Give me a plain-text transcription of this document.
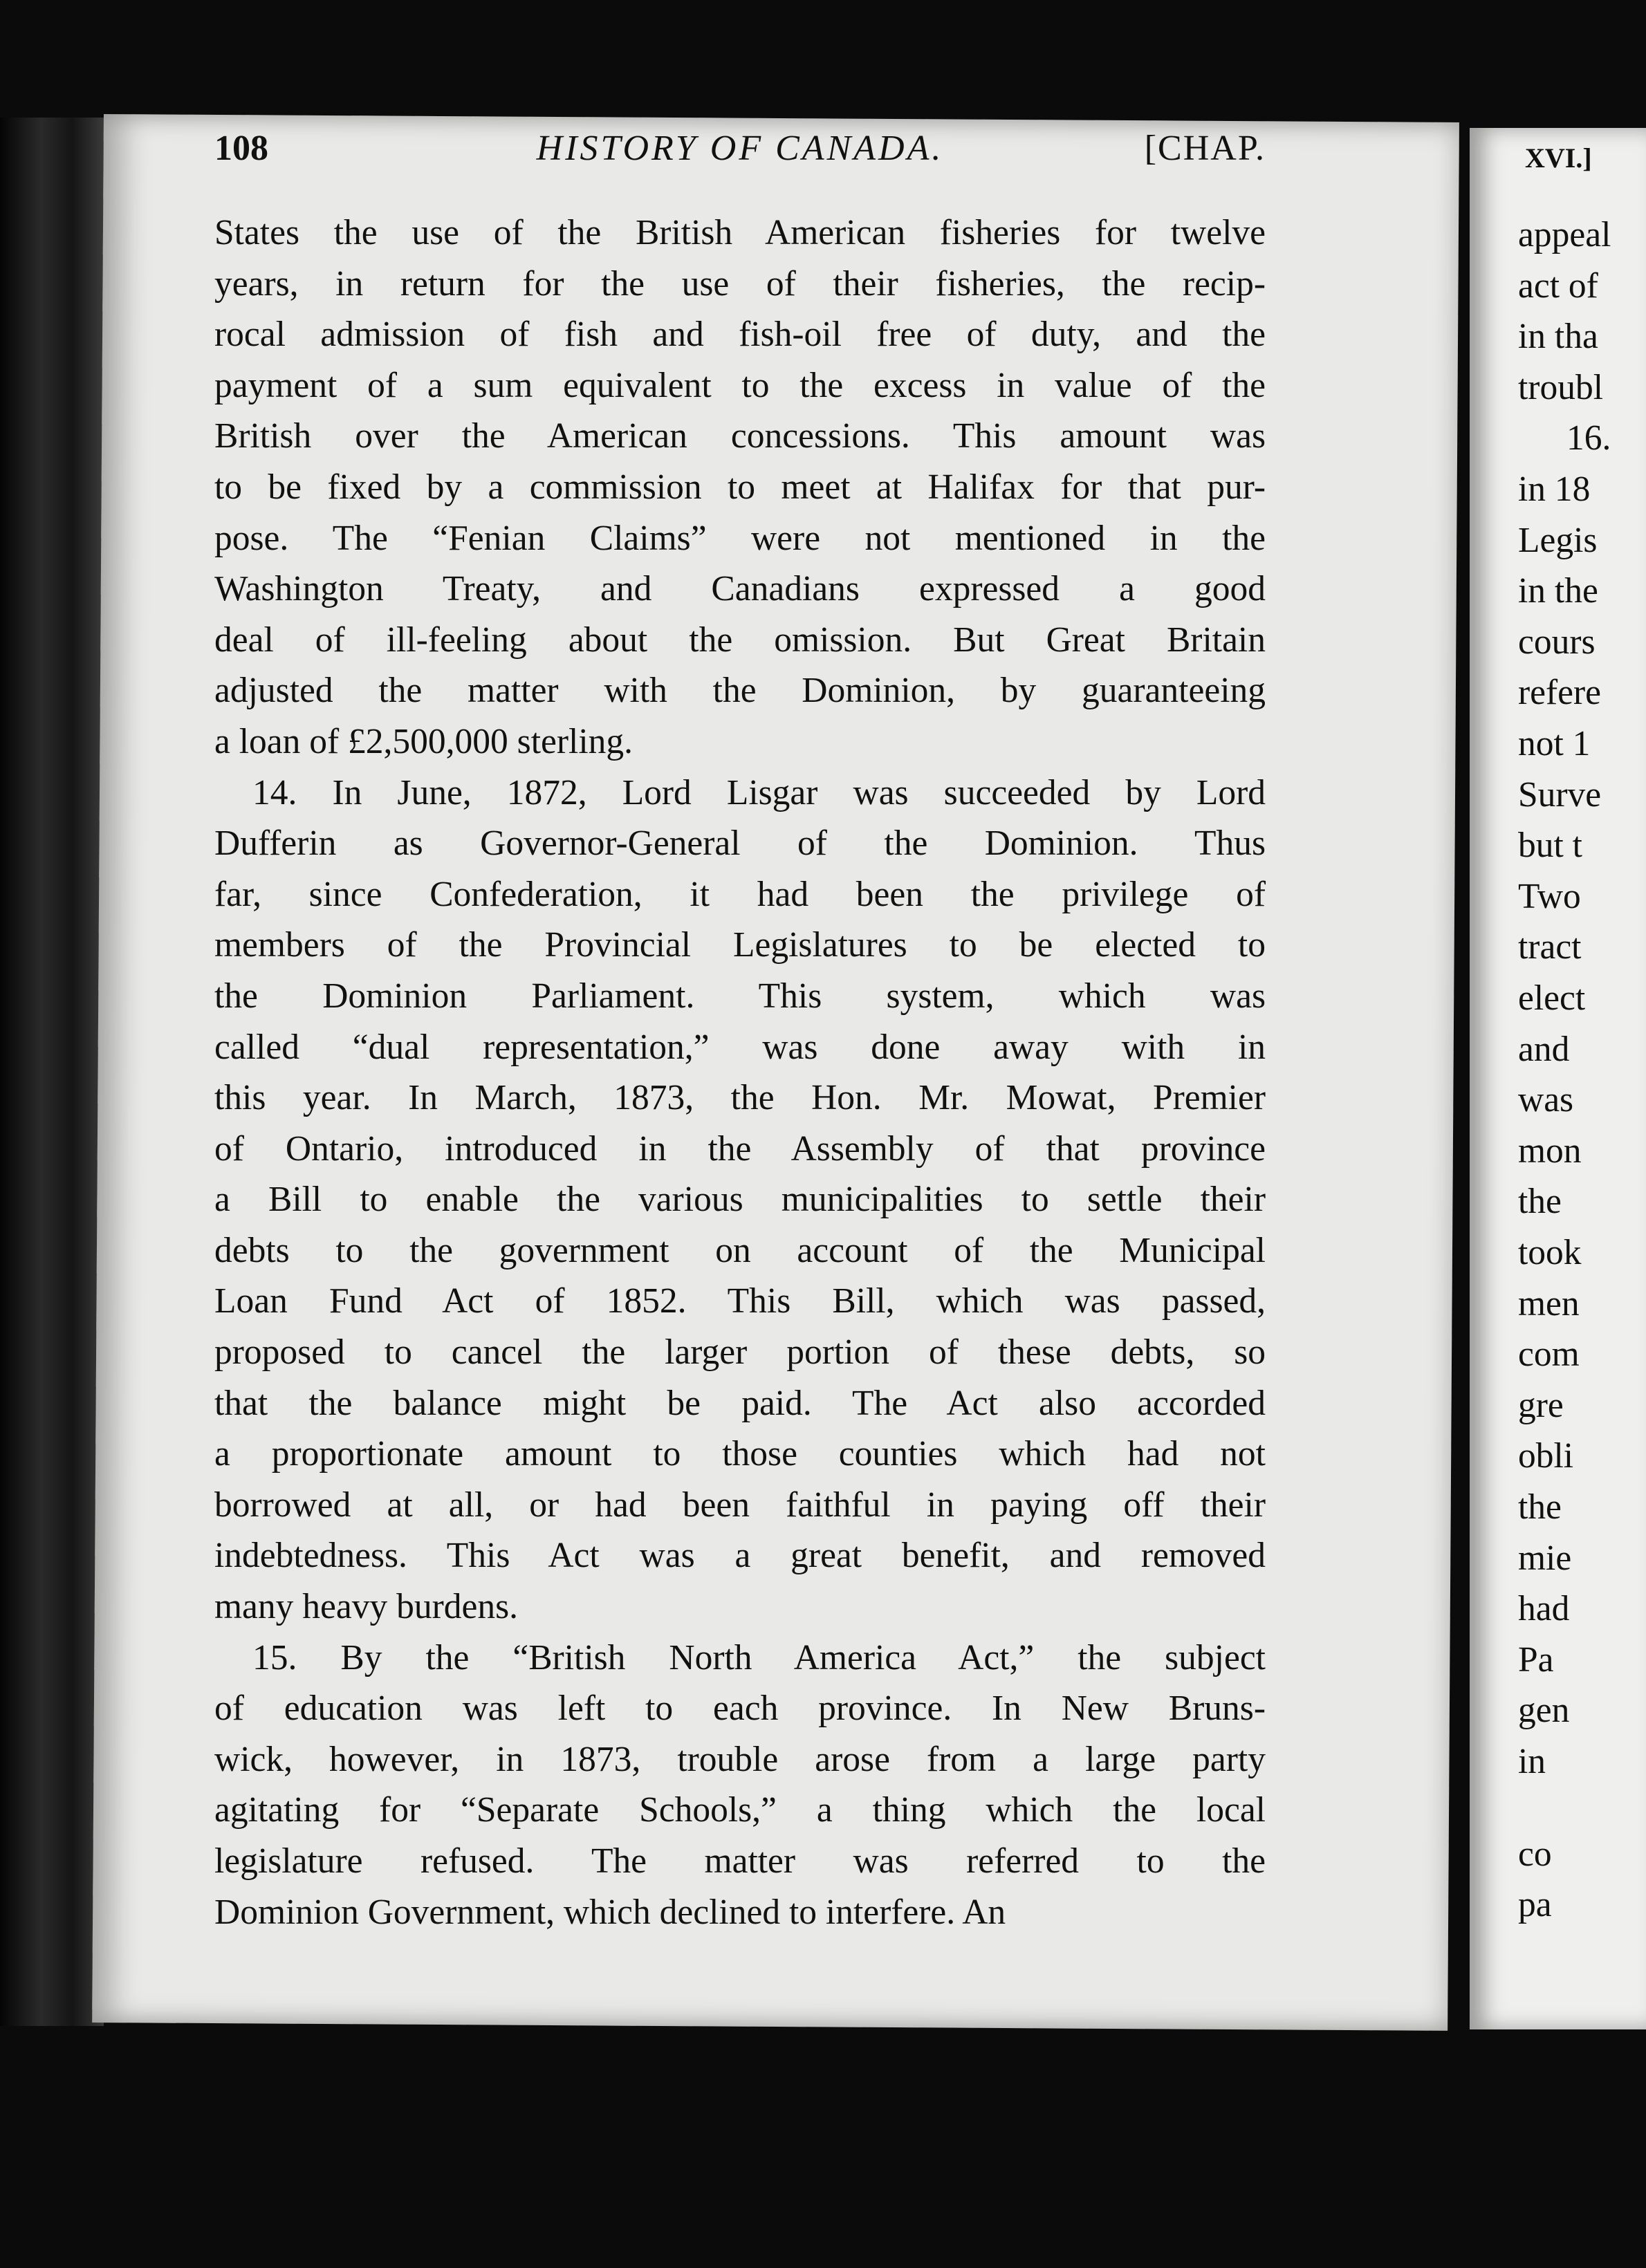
XVI.]
appeal
act of
in tha
troubl
16.
in 18
Legis
in the
cours
refere
not 1
Surve
but t
Two
tract
elect
and
was
mon
the
took
men
com
gre
obli
the
mie
had
Pa
gen
in
co
pa
108	HISTORY OF CANADA.	[CHAP.
States the use of the British American fisheries for twelve
years, in return for the use of their fisheries, the recip-
rocal admission of fish and fish-oil free of duty, and the
payment of a sum equivalent to the excess in value of the
British over the American concessions. This amount was
to be fixed by a commission to meet at Halifax for that pur-
pose. The “Fenian Claims” were not mentioned in the
Washington Treaty, and Canadians expressed a good
deal of ill-feeling about the omission. But Great Britain
adjusted the matter with the Dominion, by guaranteeing
a loan of £2,500,000 sterling.
14. In June, 1872, Lord Lisgar was succeeded by Lord
Dufferin as Governor-General of the Dominion. Thus
far, since Confederation, it had been the privilege of
members of the Provincial Legislatures to be elected to
the Dominion Parliament. This system, which was
called “dual representation,” was done away with in
this year. In March, 1873, the Hon. Mr. Mowat, Premier
of Ontario, introduced in the Assembly of that province
a Bill to enable the various municipalities to settle their
debts to the government on account of the Municipal
Loan Fund Act of 1852. This Bill, which was passed,
proposed to cancel the larger portion of these debts, so
that the balance might be paid. The Act also accorded
a proportionate amount to those counties which had not
borrowed at all, or had been faithful in paying off their
indebtedness. This Act was a great benefit, and removed
many heavy burdens.
15. By the “British North America Act,” the subject
of education was left to each province. In New Bruns-
wick, however, in 1873, trouble arose from a large party
agitating for “Separate Schools,” a thing which the local
legislature refused. The matter was referred to the
Dominion Government, which declined to interfere. An
